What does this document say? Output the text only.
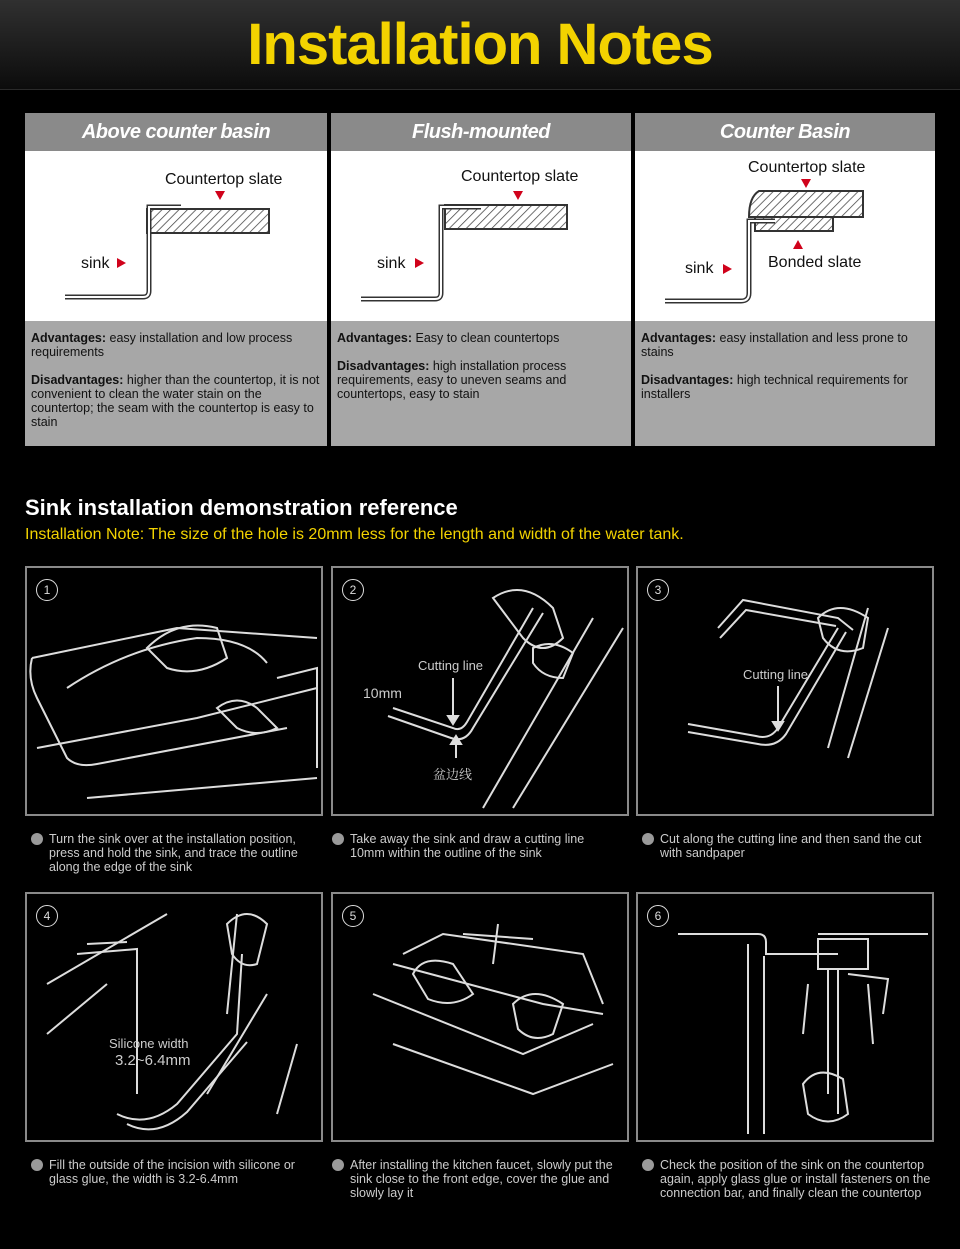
Installation Notes
Above counter basin
Countertop slate
sink

Advantages: easy installation and low process requirements

Disadvantages: higher than the countertop, it is not convenient to clean the water stain on the countertop; the seam with the countertop is easy to stain

Flush-mounted
Countertop slate
sink

Advantages: Easy to clean countertops

Disadvantages: high installation process requirements, easy to uneven seams and countertops, easy to stain

Counter Basin
Countertop slate
Bonded slate
sink

Advantages: easy installation and less prone to stains

Disadvantages: high technical requirements for installers

Sink installation demonstration reference
Installation Note: The size of the hole is 20mm less for the length and width of the water tank.
1
Turn the sink over at the installation position, press and hold the sink, and trace the outline along the edge of the sink
2
Cutting line
10mm
盆边线
Take away the sink and draw a cutting line 10mm within the outline of the sink
3
Cutting line
Cut along the cutting line and then sand the cut with sandpaper
4
Silicone width
3.2~6.4mm
Fill the outside of the incision with silicone or glass glue, the width is 3.2-6.4mm
5
After installing the kitchen faucet, slowly put the sink close to the front edge, cover the glue and slowly lay it
6
Check the position of the sink on the countertop again, apply glass glue or install fasteners on the connection bar, and finally clean the countertop
